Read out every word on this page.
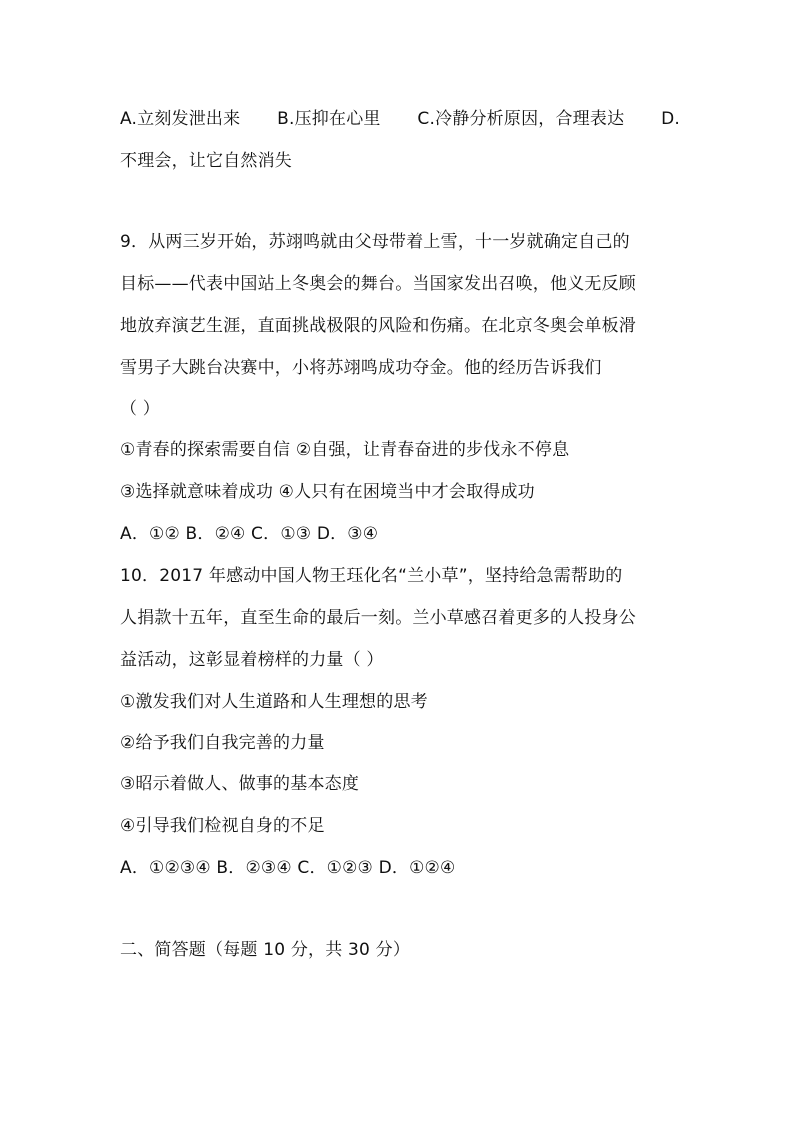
A.立刻发泄出来 B.压抑在心里 C.冷静分析原因，合理表达 D.
不理会，让它自然消失
9．从两三岁开始，苏翊鸣就由父母带着上雪，十一岁就确定自己的
目标——代表中国站上冬奥会的舞台。当国家发出召唤，他义无反顾
地放弃演艺生涯，直面挑战极限的风险和伤痛。在北京冬奥会单板滑
雪男子大跳台决赛中，小将苏翊鸣成功夺金。他的经历告诉我们
（ ）
①青春的探索需要自信 ②自强，让青春奋进的步伐永不停息
③选择就意味着成功 ④人只有在困境当中才会取得成功
A．①② B．②④ C．①③ D．③④
10．2017 年感动中国人物王珏化名“兰小草”，坚持给急需帮助的
人捐款十五年，直至生命的最后一刻。兰小草感召着更多的人投身公
益活动，这彰显着榜样的力量（ ）
①激发我们对人生道路和人生理想的思考
②给予我们自我完善的力量
③昭示着做人、做事的基本态度
④引导我们检视自身的不足
A．①②③④ B．②③④ C．①②③ D．①②④
二、简答题（每题 10 分，共 30 分）
